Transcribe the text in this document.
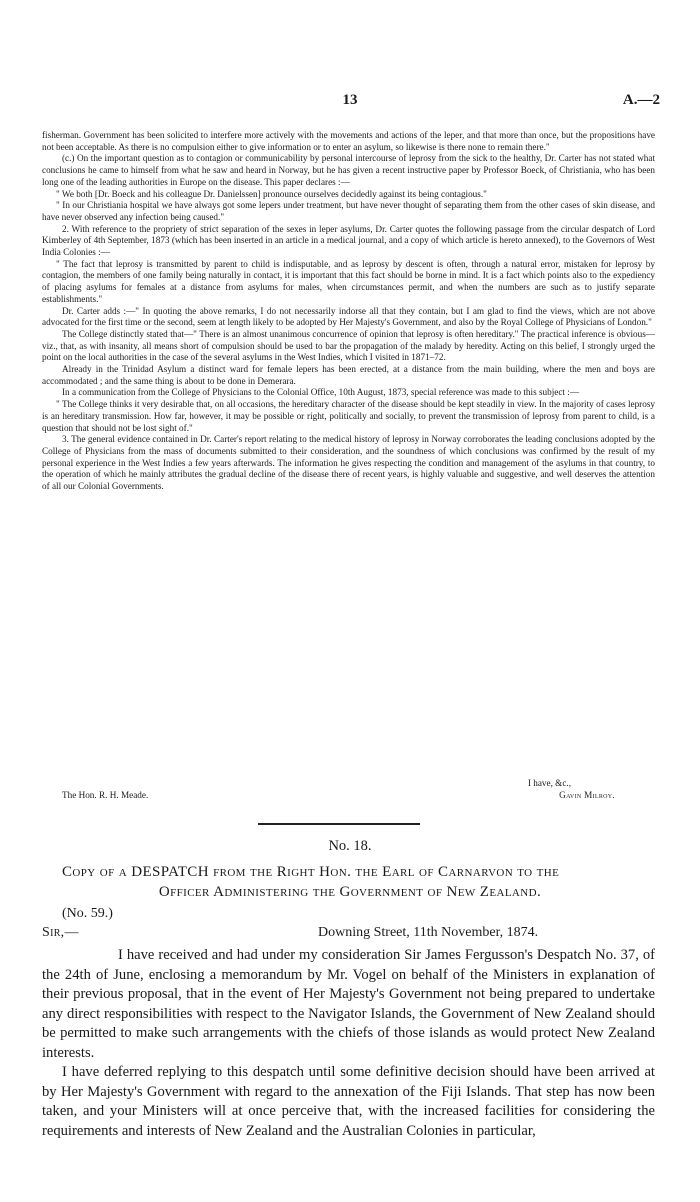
13	A.—2

fisherman. Government has been solicited to interfere more actively with the movements and actions of the leper, and that more than once, but the propositions have not been acceptable. As there is no compulsion either to give information or to enter an asylum, so likewise is there none to remain there."

(c.) On the important question as to contagion or communicability by personal intercourse of leprosy from the sick to the healthy, Dr. Carter has not stated what conclusions he came to himself from what he saw and heard in Norway, but he has given a recent instructive paper by Professor Boeck, of Christiania, who has been long one of the leading authorities in Europe on the disease. This paper declares :—

" We both [Dr. Boeck and his colleague Dr. Danielssen] pronounce ourselves decidedly against its being contagious."

" In our Christiania hospital we have always got some lepers under treatment, but have never thought of separating them from the other cases of skin disease, and have never observed any infection being caused."

2. With reference to the propriety of strict separation of the sexes in leper asylums, Dr. Carter quotes the following passage from the circular despatch of Lord Kimberley of 4th September, 1873 (which has been inserted in an article in a medical journal, and a copy of which article is hereto annexed), to the Governors of West India Colonies :—

" The fact that leprosy is transmitted by parent to child is indisputable, and as leprosy by descent is often, through a natural error, mistaken for leprosy by contagion, the members of one family being naturally in contact, it is important that this fact should be borne in mind. It is a fact which points also to the expediency of placing asylums for females at a distance from asylums for males, when circumstances permit, and when the numbers are such as to justify separate establishments."

Dr. Carter adds :—" In quoting the above remarks, I do not necessarily indorse all that they contain, but I am glad to find the views, which are not above advocated for the first time or the second, seem at length likely to be adopted by Her Majesty's Government, and also by the Royal College of Physicians of London."

The College distinctly stated that—" There is an almost unanimous concurrence of opinion that leprosy is often hereditary." The practical inference is obvious—viz., that, as with insanity, all means short of compulsion should be used to bar the propagation of the malady by heredity. Acting on this belief, I strongly urged the point on the local authorities in the case of the several asylums in the West Indies, which I visited in 1871–72.

Already in the Trinidad Asylum a distinct ward for female lepers has been erected, at a distance from the main building, where the men and boys are accommodated ; and the same thing is about to be done in Demerara.

In a communication from the College of Physicians to the Colonial Office, 10th August, 1873, special reference was made to this subject :—

" The College thinks it very desirable that, on all occasions, the hereditary character of the disease should be kept steadily in view. In the majority of cases leprosy is an hereditary transmission. How far, however, it may be possible or right, politically and socially, to prevent the transmission of leprosy from parent to child, is a question that should not be lost sight of."

3. The general evidence contained in Dr. Carter's report relating to the medical history of leprosy in Norway corroborates the leading conclusions adopted by the College of Physicians from the mass of documents submitted to their consideration, and the soundness of which conclusions was confirmed by the result of my personal experience in the West Indies a few years afterwards. The information he gives respecting the condition and management of the asylums in that country, to the operation of which he mainly attributes the gradual decline of the disease there of recent years, is highly valuable and suggestive, and well deserves the attention of all our Colonial Governments.

I have, &c.,
The Hon. R. H. Meade.	Gavin Milroy.
No. 18.
Copy of a DESPATCH from the Right Hon. the Earl of Carnarvon to the
Officer Administering the Government of New Zealand.
(No. 59.)
Sir,—	Downing Street, 11th November, 1874.

I have received and had under my consideration Sir James Fergusson's Despatch No. 37, of the 24th of June, enclosing a memorandum by Mr. Vogel on behalf of the Ministers in explanation of their previous proposal, that in the event of Her Majesty's Government not being prepared to undertake any direct responsibilities with respect to the Navigator Islands, the Government of New Zealand should be permitted to make such arrangements with the chiefs of those islands as would protect New Zealand interests.

I have deferred replying to this despatch until some definitive decision should have been arrived at by Her Majesty's Government with regard to the annexation of the Fiji Islands. That step has now been taken, and your Ministers will at once perceive that, with the increased facilities for considering the requirements and interests of New Zealand and the Australian Colonies in particular,
